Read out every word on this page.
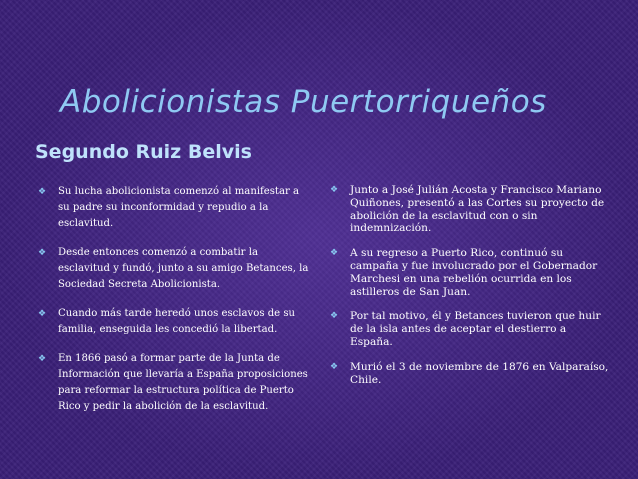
Abolicionistas Puertorriqueños
Segundo Ruiz Belvis
❖ Su lucha abolicionista comenzó al manifestar a su padre su inconformidad y repudio a la esclavitud.
❖ Desde entonces comenzó a combatir la esclavitud y fundó, junto a su amigo Betances, la Sociedad Secreta Abolicionista.
❖ Cuando más tarde heredó unos esclavos de su familia, enseguida les concedió la libertad.
❖ En 1866 pasó a formar parte de la Junta de Información que llevaría a España proposiciones para reformar la estructura política de Puerto Rico y pedir la abolición de la esclavitud.
❖ Junto a José Julián Acosta y Francisco Mariano Quiñones, presentó a las Cortes su proyecto de abolición de la esclavitud con o sin indemnización.
❖ A su regreso a Puerto Rico, continuó su campaña y fue involucrado por el Gobernador Marchesi en una rebelión ocurrida en los astilleros de San Juan.
❖ Por tal motivo, él y Betances tuvieron que huir de la isla antes de aceptar el destierro a España.
❖ Murió el 3 de noviembre de 1876 en Valparaíso, Chile.
